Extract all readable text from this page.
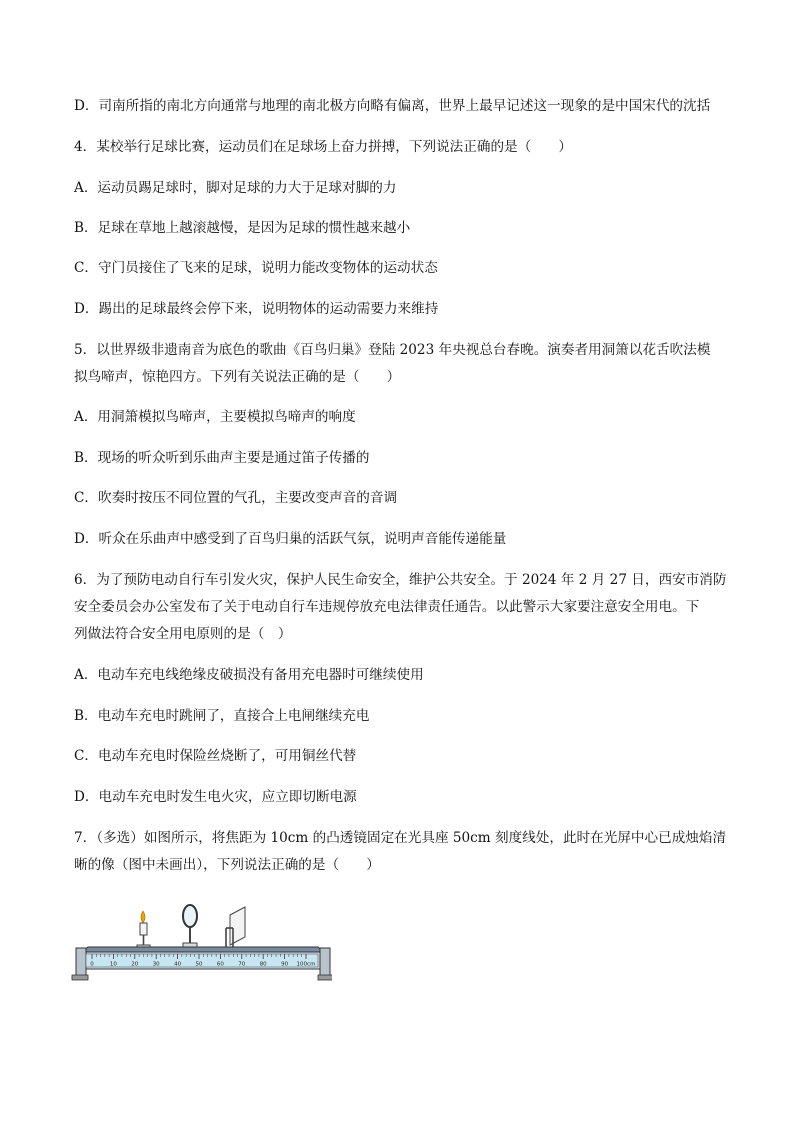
D．司南所指的南北方向通常与地理的南北极方向略有偏离，世界上最早记述这一现象的是中国宋代的沈括
4．某校举行足球比赛，运动员们在足球场上奋力拼搏，下列说法正确的是（　　）
A．运动员踢足球时，脚对足球的力大于足球对脚的力
B．足球在草地上越滚越慢，是因为足球的惯性越来越小
C．守门员接住了飞来的足球，说明力能改变物体的运动状态
D．踢出的足球最终会停下来，说明物体的运动需要力来维持
5．以世界级非遗南音为底色的歌曲《百鸟归巢》登陆 2023 年央视总台春晚。演奏者用洞箫以花舌吹法模
拟鸟啼声，惊艳四方。下列有关说法正确的是（　　）
A．用洞箫模拟鸟啼声，主要模拟鸟啼声的响度
B．现场的听众听到乐曲声主要是通过笛子传播的
C．吹奏时按压不同位置的气孔，主要改变声音的音调
D．听众在乐曲声中感受到了百鸟归巢的活跃气氛，说明声音能传递能量
6．为了预防电动自行车引发火灾，保护人民生命安全，维护公共安全。于 2024 年 2 月 27 日，西安市消防
安全委员会办公室发布了关于电动自行车违规停放充电法律责任通告。以此警示大家要注意安全用电。下
列做法符合安全用电原则的是（　）
A．电动车充电线绝缘皮破损没有备用充电器时可继续使用
B．电动车充电时跳闸了，直接合上电闸继续充电
C．电动车充电时保险丝烧断了，可用铜丝代替
D．电动车充电时发生电火灾，应立即切断电源
7．（多选）如图所示，将焦距为 10cm 的凸透镜固定在光具座 50cm 刻度线处，此时在光屏中心已成烛焰清
晰的像（图中未画出），下列说法正确的是（　　）
0	10	20	30	40	50	60	70	80	90 100cm
